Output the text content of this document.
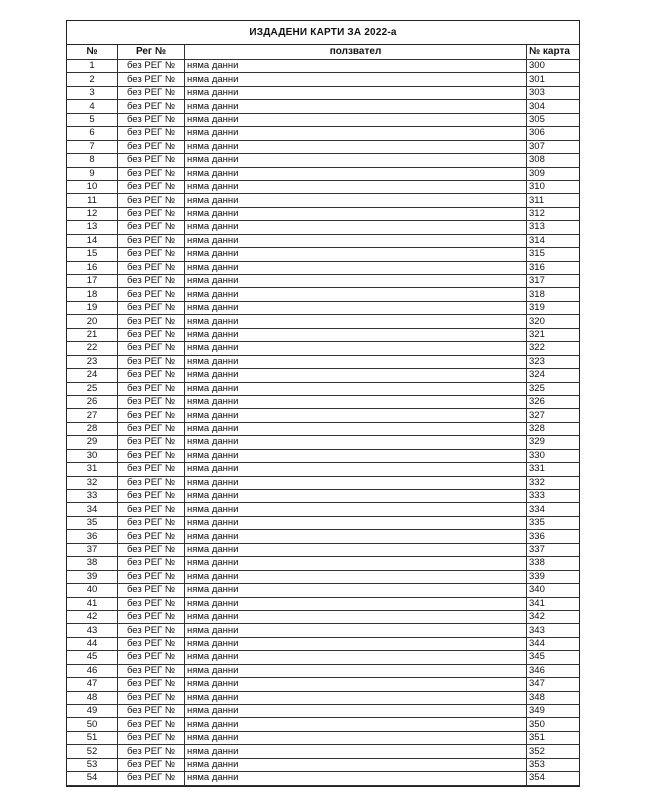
ИЗДАДЕНИ КАРТИ ЗА 2022-а
№	Рег №	ползвател	№ карта
1	без РЕГ №	няма данни	300
2	без РЕГ №	няма данни	301
3	без РЕГ №	няма данни	303
4	без РЕГ №	няма данни	304
5	без РЕГ №	няма данни	305
6	без РЕГ №	няма данни	306
7	без РЕГ №	няма данни	307
8	без РЕГ №	няма данни	308
9	без РЕГ №	няма данни	309
10	без РЕГ №	няма данни	310
11	без РЕГ №	няма данни	311
12	без РЕГ №	няма данни	312
13	без РЕГ №	няма данни	313
14	без РЕГ №	няма данни	314
15	без РЕГ №	няма данни	315
16	без РЕГ №	няма данни	316
17	без РЕГ №	няма данни	317
18	без РЕГ №	няма данни	318
19	без РЕГ №	няма данни	319
20	без РЕГ №	няма данни	320
21	без РЕГ №	няма данни	321
22	без РЕГ №	няма данни	322
23	без РЕГ №	няма данни	323
24	без РЕГ №	няма данни	324
25	без РЕГ №	няма данни	325
26	без РЕГ №	няма данни	326
27	без РЕГ №	няма данни	327
28	без РЕГ №	няма данни	328
29	без РЕГ №	няма данни	329
30	без РЕГ №	няма данни	330
31	без РЕГ №	няма данни	331
32	без РЕГ №	няма данни	332
33	без РЕГ №	няма данни	333
34	без РЕГ №	няма данни	334
35	без РЕГ №	няма данни	335
36	без РЕГ №	няма данни	336
37	без РЕГ №	няма данни	337
38	без РЕГ №	няма данни	338
39	без РЕГ №	няма данни	339
40	без РЕГ №	няма данни	340
41	без РЕГ №	няма данни	341
42	без РЕГ №	няма данни	342
43	без РЕГ №	няма данни	343
44	без РЕГ №	няма данни	344
45	без РЕГ №	няма данни	345
46	без РЕГ №	няма данни	346
47	без РЕГ №	няма данни	347
48	без РЕГ №	няма данни	348
49	без РЕГ №	няма данни	349
50	без РЕГ №	няма данни	350
51	без РЕГ №	няма данни	351
52	без РЕГ №	няма данни	352
53	без РЕГ №	няма данни	353
54	без РЕГ №	няма данни	354
